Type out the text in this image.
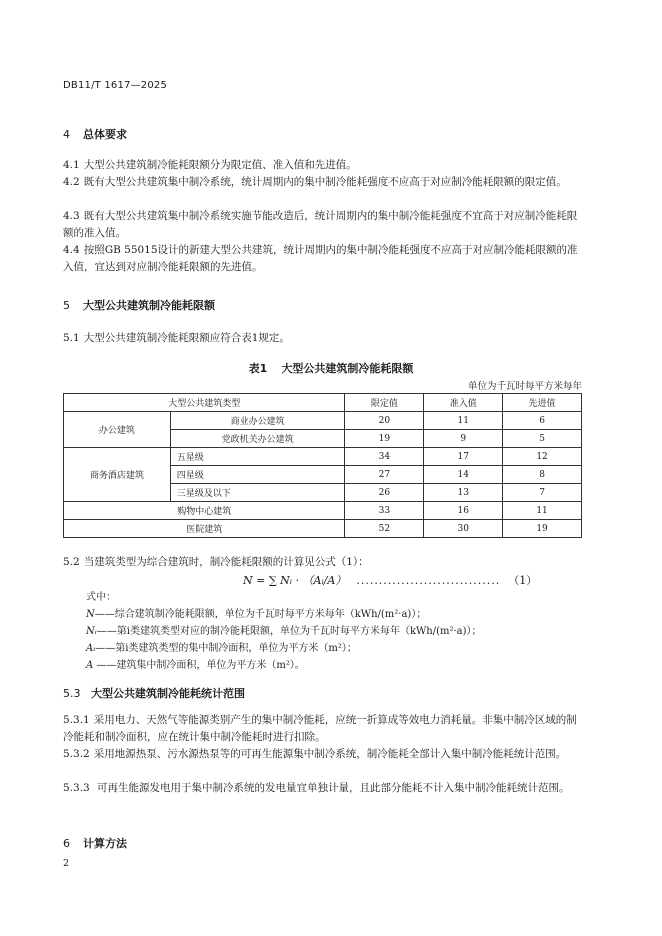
DB11/T 1617—2025
4 总体要求
4.1 大型公共建筑制冷能耗限额分为限定值、准入值和先进值。
4.2 既有大型公共建筑集中制冷系统，统计周期内的集中制冷能耗强度不应高于对应制冷能耗限额的限定值。
4.3 既有大型公共建筑集中制冷系统实施节能改造后，统计周期内的集中制冷能耗强度不宜高于对应制冷能耗限额的准入值。
4.4 按照GB 55015设计的新建大型公共建筑，统计周期内的集中制冷能耗强度不应高于对应制冷能耗限额的准入值，宜达到对应制冷能耗限额的先进值。
5 大型公共建筑制冷能耗限额
5.1 大型公共建筑制冷能耗限额应符合表1规定。
表1 大型公共建筑制冷能耗限额
单位为千瓦时每平方米每年
大型公共建筑类型		限定值	准入值	先进值
办公建筑	商业办公建筑	20	11	6
	党政机关办公建筑	19	9	5
商务酒店建筑	五星级	34	17	12
	四星级	27	14	8
	三星级及以下	26	13	7
购物中心建筑		33	16	11
医院建筑		52	30	19
5.2 当建筑类型为综合建筑时，制冷能耗限额的计算见公式（1）：
N = ∑ Nᵢ · （Aᵢ/A） ................................ （1）
式中：
N——综合建筑制冷能耗限额，单位为千瓦时每平方米每年（kWh/(m²·a)）；
Nᵢ——第i类建筑类型对应的制冷能耗限额，单位为千瓦时每平方米每年（kWh/(m²·a)）；
Aᵢ——第i类建筑类型的集中制冷面积，单位为平方米（m²）；
A ——建筑集中制冷面积，单位为平方米（m²）。
5.3 大型公共建筑制冷能耗统计范围
5.3.1 采用电力、天然气等能源类别产生的集中制冷能耗，应统一折算成等效电力消耗量。非集中制冷区域的制冷能耗和制冷面积，应在统计集中制冷能耗时进行扣除。
5.3.2 采用地源热泵、污水源热泵等的可再生能源集中制冷系统，制冷能耗全部计入集中制冷能耗统计范围。
5.3.3 可再生能源发电用于集中制冷系统的发电量宜单独计量，且此部分能耗不计入集中制冷能耗统计范围。
6 计算方法
2
